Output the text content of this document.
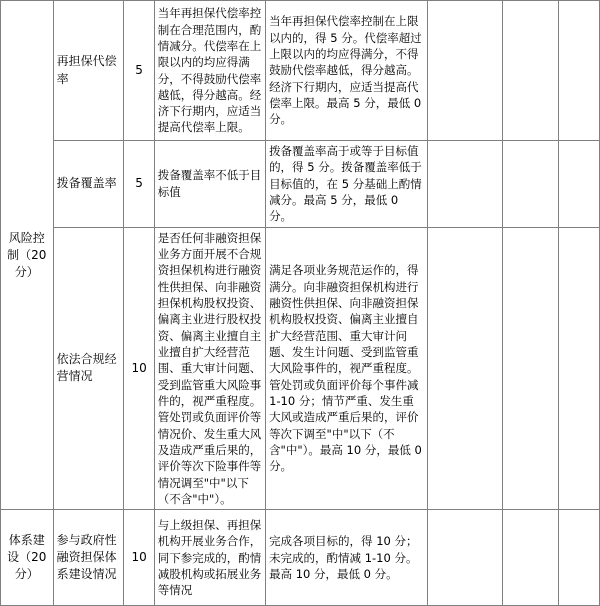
风险控制（20分）	再担保代偿率	5	当年再担保代偿率控制在合理范围内，酌情减分。代偿率在上限以内的均应得满分，不得鼓励代偿率越低，得分越高。经济下行期内，应适当提高代偿率上限。	当年再担保代偿率控制在上限以内的，得 5 分。代偿率超过上限以内的均应得满分，不得鼓励代偿率越低，得分越高。经济下行期内，应适当提高代偿率上限。最高 5 分，最低 0 分。			
	拨备覆盖率	5	拨备覆盖率不低于目标值	拨备覆盖率高于或等于目标值的，得 5 分。拨备覆盖率低于目标值的，在 5 分基础上酌情减分。最高 5 分，最低 0 分。			
	依法合规经营情况	10	是否任何非融资担保业务方面开展不合规资担保机构进行融资性供担保、向非融资担保机构股权投资、偏离主业进行股权投资、偏离主业擅自主业擅自扩大经营范围、重大审计问题、受到监管重大风险事件的，视严重程度。管处罚或负面评价等情况价、发生重大风及造成严重后果的，评价等次下险事件等情况调至"中"以下（不含"中"）。	满足各项业务规范运作的，得满分。向非融资担保机构进行融资性供担保、向非融资担保机构股权投资、偏离主业擅自扩大经营范围、重大审计问题、发生计问题、受到监管重大风险事件的，视严重程度。管处罚或负面评价每个事件减 1-10 分；情节严重、发生重大风或造成严重后果的，评价等次下调至"中"以下（不含"中"）。最高 10 分，最低 0 分。			
体系建设（20分）	参与政府性融资担保体系建设情况	10	与上级担保、再担保机构开展业务合作，同下参完成的，酌情减股机构或拓展业务等情况	完成各项目标的，得 10 分；未完成的，酌情减 1-10 分。最高 10 分，最低 0 分。			
